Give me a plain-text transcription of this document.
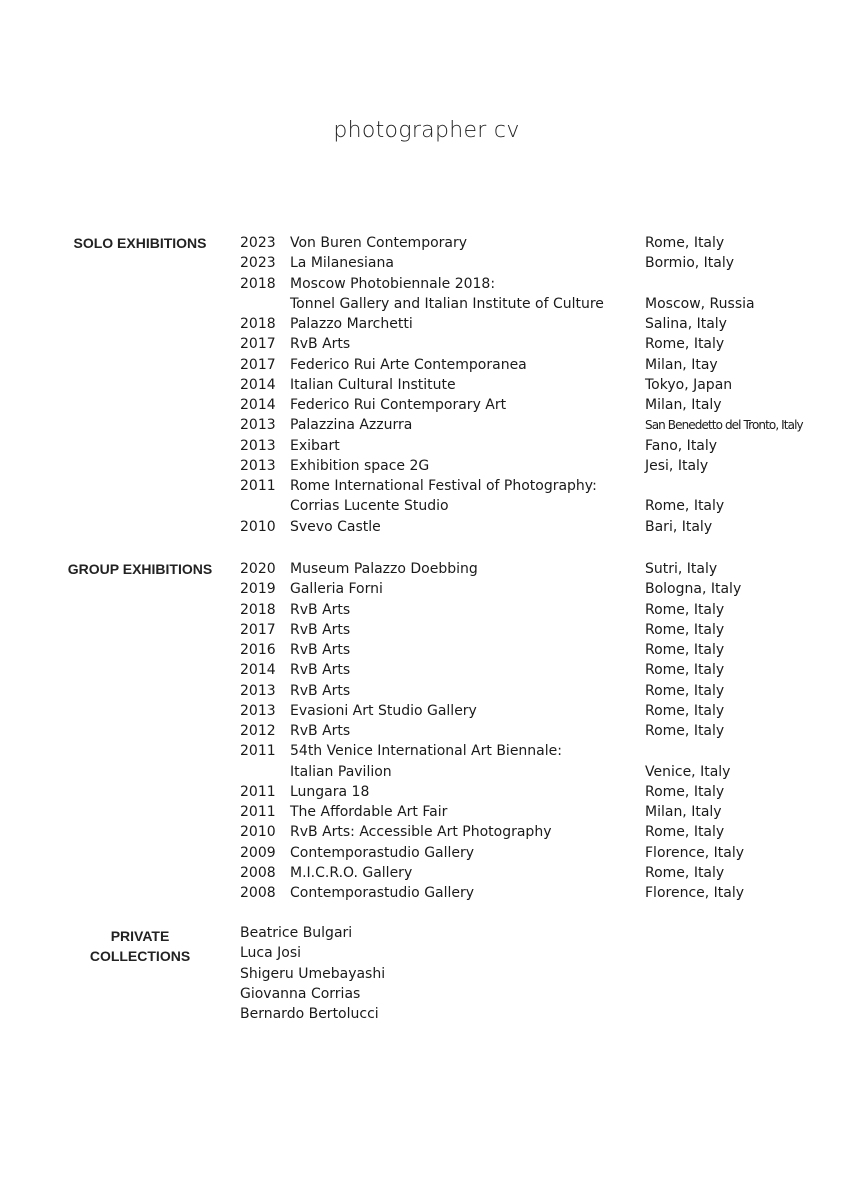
photographer cv
SOLO EXHIBITIONS	2023 Von Buren Contemporary	Rome, Italy
2023 La Milanesiana	Bormio, Italy
2018 Moscow Photobiennale 2018:
Tonnel Gallery and Italian Institute of Culture	Moscow, Russia
2018 Palazzo Marchetti	Salina, Italy
2017 RvB Arts	Rome, Italy
2017 Federico Rui Arte Contemporanea	Milan, Itay
2014 Italian Cultural Institute	Tokyo, Japan
2014 Federico Rui Contemporary Art	Milan, Italy
2013 Palazzina Azzurra	San Benedetto del Tronto, Italy
2013 Exibart	Fano, Italy
2013 Exhibition space 2G	Jesi, Italy
2011 Rome International Festival of Photography:
Corrias Lucente Studio	Rome, Italy
2010 Svevo Castle	Bari, Italy
GROUP EXHIBITIONS	2020 Museum Palazzo Doebbing	Sutri, Italy
2019 Galleria Forni	Bologna, Italy
2018 RvB Arts	Rome, Italy
2017 RvB Arts	Rome, Italy
2016 RvB Arts	Rome, Italy
2014 RvB Arts	Rome, Italy
2013 RvB Arts	Rome, Italy
2013 Evasioni Art Studio Gallery	Rome, Italy
2012 RvB Arts	Rome, Italy
2011 54th Venice International Art Biennale:
Italian Pavilion	Venice, Italy
2011 Lungara 18	Rome, Italy
2011 The Affordable Art Fair	Milan, Italy
2010 RvB Arts: Accessible Art Photography	Rome, Italy
2009 Contemporastudio Gallery	Florence, Italy
2008 M.I.C.R.O. Gallery	Rome, Italy
2008 Contemporastudio Gallery	Florence, Italy
PRIVATE
COLLECTIONS
Beatrice Bulgari
Luca Josi
Shigeru Umebayashi
Giovanna Corrias
Bernardo Bertolucci
